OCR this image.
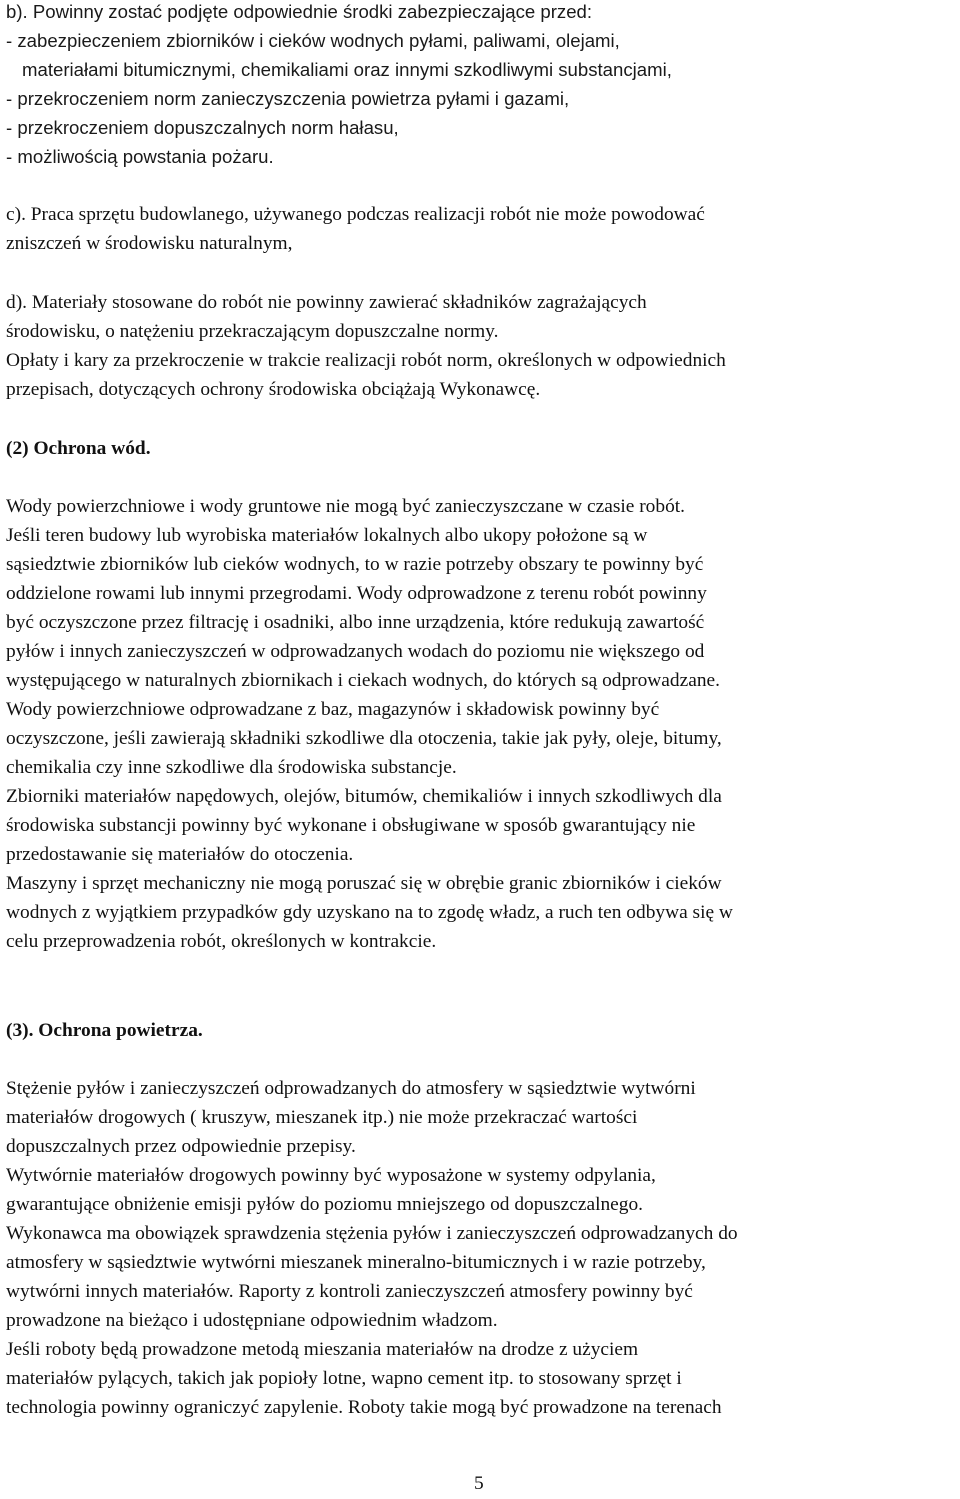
b). Powinny zostać podjęte odpowiednie środki zabezpieczające przed:
- zabezpieczeniem zbiorników i cieków wodnych pyłami, paliwami, olejami,
materiałami bitumicznymi, chemikaliami oraz innymi szkodliwymi substancjami,
- przekroczeniem norm zanieczyszczenia powietrza pyłami i gazami,
- przekroczeniem dopuszczalnych norm hałasu,
- możliwością powstania pożaru.
c). Praca sprzętu budowlanego, używanego podczas realizacji robót nie może powodować
zniszczeń w środowisku naturalnym,
d). Materiały stosowane do robót nie powinny zawierać składników zagrażających
środowisku, o natężeniu przekraczającym dopuszczalne normy.
Opłaty i kary za przekroczenie w trakcie realizacji robót norm, określonych w odpowiednich
przepisach, dotyczących ochrony środowiska obciążają Wykonawcę.
(2) Ochrona wód.
Wody powierzchniowe i wody gruntowe nie mogą być zanieczyszczane w czasie robót.
Jeśli teren budowy lub wyrobiska materiałów lokalnych albo ukopy położone są w
sąsiedztwie zbiorników lub cieków wodnych, to w razie potrzeby obszary te powinny być
oddzielone rowami lub innymi przegrodami. Wody odprowadzone z terenu robót powinny
być oczyszczone przez filtrację i osadniki, albo inne urządzenia, które redukują zawartość
pyłów i innych zanieczyszczeń w odprowadzanych wodach do poziomu nie większego od
występującego w naturalnych zbiornikach i ciekach wodnych, do których są odprowadzane.
Wody powierzchniowe odprowadzane z baz, magazynów i składowisk powinny być
oczyszczone, jeśli zawierają składniki szkodliwe dla otoczenia, takie jak pyły, oleje, bitumy,
chemikalia czy inne szkodliwe dla środowiska substancje.
Zbiorniki materiałów napędowych, olejów, bitumów, chemikaliów i innych szkodliwych dla
środowiska substancji powinny być wykonane i obsługiwane w sposób gwarantujący nie
przedostawanie się materiałów do otoczenia.
Maszyny i sprzęt mechaniczny nie mogą poruszać się w obrębie granic zbiorników i cieków
wodnych z wyjątkiem przypadków gdy uzyskano na to zgodę władz, a ruch ten odbywa się w
celu przeprowadzenia robót, określonych w kontrakcie.
(3). Ochrona powietrza.
Stężenie pyłów i zanieczyszczeń odprowadzanych do atmosfery w sąsiedztwie wytwórni
materiałów drogowych ( kruszyw, mieszanek itp.) nie może przekraczać wartości
dopuszczalnych przez odpowiednie przepisy.
Wytwórnie materiałów drogowych powinny być wyposażone w systemy odpylania,
gwarantujące obniżenie emisji pyłów do poziomu mniejszego od dopuszczalnego.
Wykonawca ma obowiązek sprawdzenia stężenia pyłów i zanieczyszczeń odprowadzanych do
atmosfery w sąsiedztwie wytwórni mieszanek mineralno-bitumicznych i w razie potrzeby,
wytwórni innych materiałów. Raporty z kontroli zanieczyszczeń atmosfery powinny być
prowadzone na bieżąco i udostępniane odpowiednim władzom.
Jeśli roboty będą prowadzone metodą mieszania materiałów na drodze z użyciem
materiałów pylących, takich jak popioły lotne, wapno cement itp. to stosowany sprzęt i
technologia powinny ograniczyć zapylenie. Roboty takie mogą być prowadzone na terenach
5
